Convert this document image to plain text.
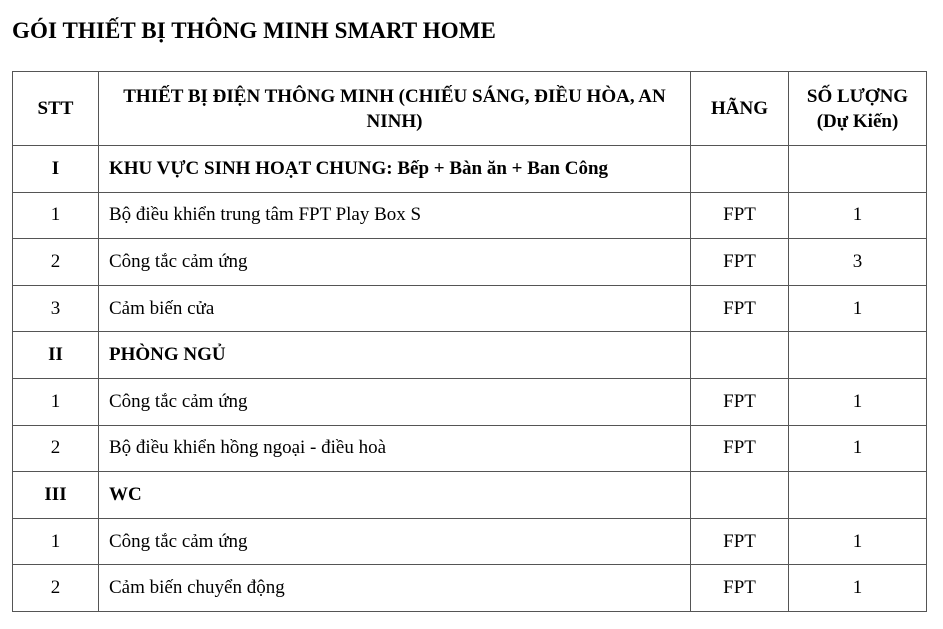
GÓI THIẾT BỊ THÔNG MINH SMART HOME
STT	THIẾT BỊ ĐIỆN THÔNG MINH (CHIẾU SÁNG, ĐIỀU HÒA, AN NINH)	HÃNG	SỐ LƯỢNG (Dự Kiến)
I	KHU VỰC SINH HOẠT CHUNG: Bếp + Bàn ăn + Ban Công		
1	Bộ điều khiển trung tâm FPT Play Box S	FPT	1
2	Công tắc cảm ứng	FPT	3
3	Cảm biến cửa	FPT	1
II	PHÒNG NGỦ		
1	Công tắc cảm ứng	FPT	1
2	Bộ điều khiển hồng ngoại - điều hoà	FPT	1
III	WC		
1	Công tắc cảm ứng	FPT	1
2	Cảm biến chuyển động	FPT	1
